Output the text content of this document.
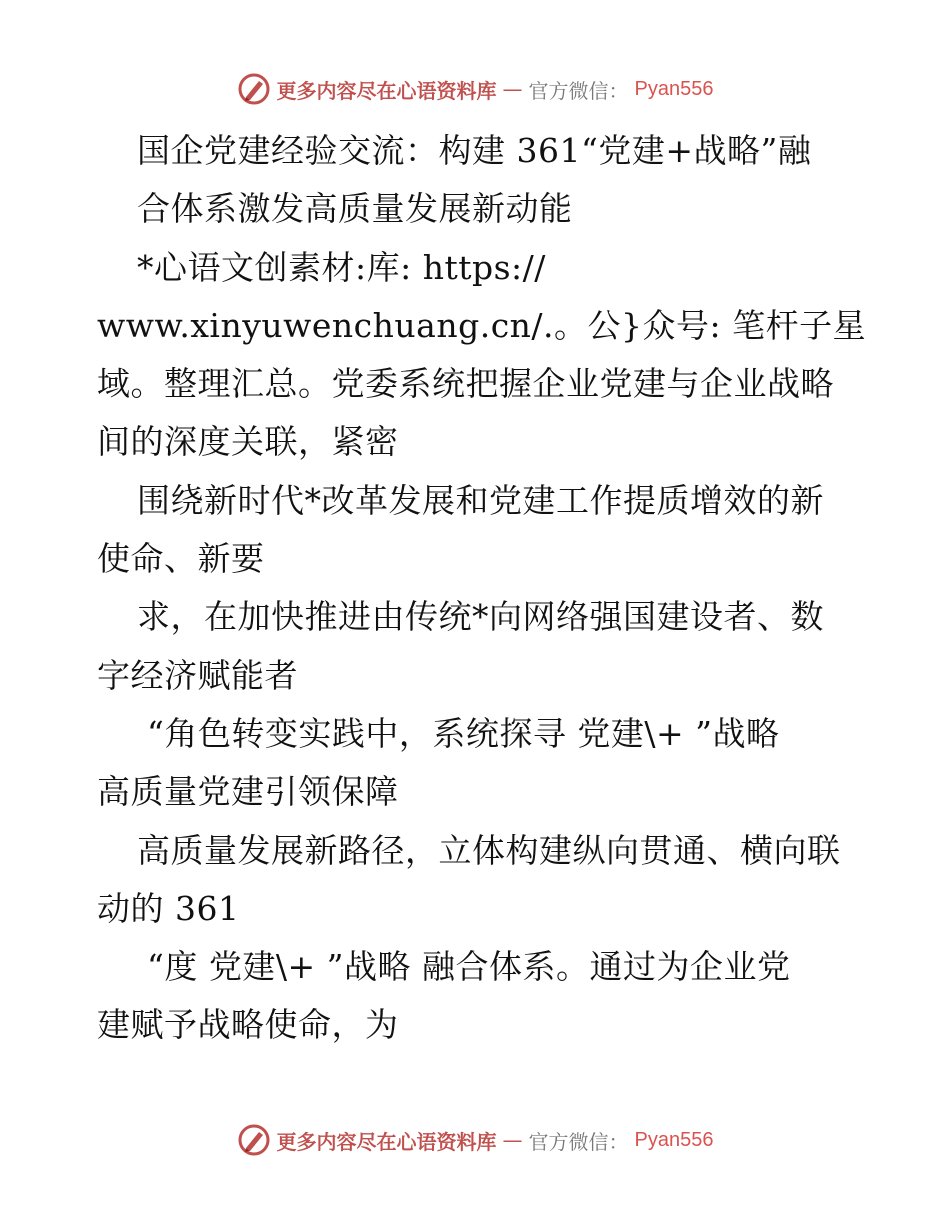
更多内容尽在心语资料库 — 官方微信： Pyan556
国企党建经验交流：构建 361“党建+战略”融
合体系激发高质量发展新动能
*心语文创素材:库: https://
www.xinyuwenchuang.cn/.。公}众号: 笔杆子星
域。整理汇总。党委系统把握企业党建与企业战略
间的深度关联，紧密
围绕新时代*改革发展和党建工作提质增效的新
使命、新要
求，在加快推进由传统*向网络强国建设者、数
字经济赋能者
“角色转变实践中，系统探寻 党建\+ ”战略
高质量党建引领保障
高质量发展新路径，立体构建纵向贯通、横向联
动的 361
“度 党建\+ ”战略 融合体系。通过为企业党
建赋予战略使命，为
更多内容尽在心语资料库 — 官方微信： Pyan556
